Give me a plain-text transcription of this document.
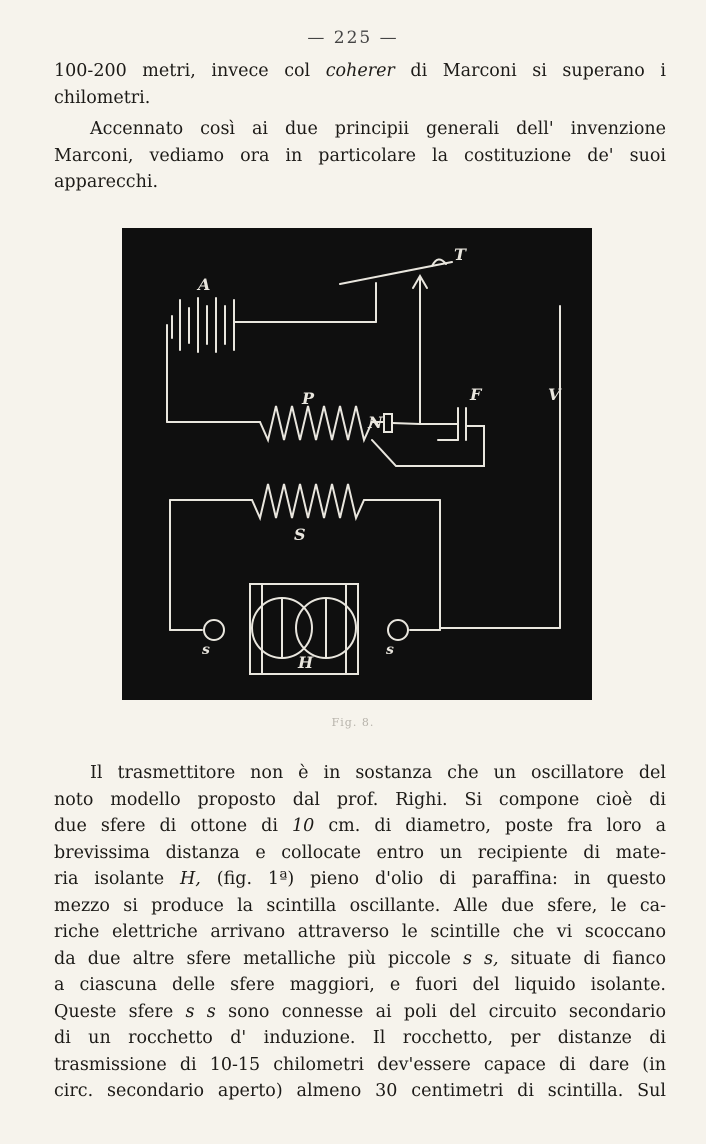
— 225 —

100-200 metri, invece col coherer di Marconi si superano i
chilometri.

Accennato così ai due principii generali dell' invenzione
Marconi, vediamo ora in particolare la costituzione de' suoi
apparecchi.

A
T
P
N
F	V
S
s	s
H
Fig. 8.

Il trasmettitore non è in sostanza che un oscillatore del
noto modello proposto dal prof. Righi. Si compone cioè di
due sfere di ottone di 10 cm. di diametro, poste fra loro a
brevissima distanza e collocate entro un recipiente di mate-
ria isolante H, (fig. 1ª) pieno d'olio di paraffina: in questo
mezzo si produce la scintilla oscillante. Alle due sfere, le ca-
riche elettriche arrivano attraverso le scintille che vi scoccano
da due altre sfere metalliche più piccole s s, situate di fianco
a ciascuna delle sfere maggiori, e fuori del liquido isolante.
Queste sfere s s sono connesse ai poli del circuito secondario
di un rocchetto d' induzione. Il rocchetto, per distanze di
trasmissione di 10-15 chilometri dev'essere capace di dare (in
circ. secondario aperto) almeno 30 centimetri di scintilla. Sul
